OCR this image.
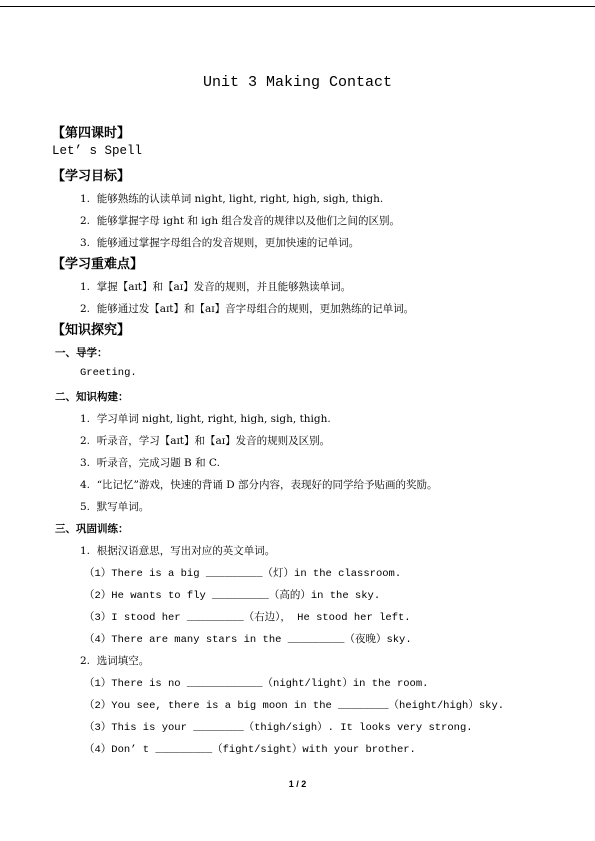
Unit 3 Making Contact
【第四课时】
Let’ s Spell
【学习目标】
1.  能够熟练的认读单词 night, light, right, high, sigh, thigh.
2.  能够掌握字母 ight 和 igh 组合发音的规律以及他们之间的区别。
3.  能够通过掌握字母组合的发音规则，更加快速的记单词。
【学习重难点】
1.  掌握【aɪt】和【aɪ】发音的规则，并且能够熟读单词。
2.  能够通过发【aɪt】和【aɪ】音字母组合的规则，更加熟练的记单词。
【知识探究】
一、导学：
Greeting.
二、知识构建：
1.  学习单词 night, light, right, high, sigh, thigh.
2.  听录音，学习【aɪt】和【aɪ】发音的规则及区别。
3.  听录音，完成习题 B 和 C.
4.  “比记忆”游戏，快速的背诵 D 部分内容，表现好的同学给予贴画的奖励。
5.  默写单词。
三、巩固训练：
1.  根据汉语意思，写出对应的英文单词。
（1）There is a big _________（灯）in the classroom.
（2）He wants to fly _________（高的）in the sky.
（3）I stood her _________（右边）， He stood her left.
（4）There are many stars in the _________（夜晚）sky.
2.  选词填空。
（1）There is no ____________（night/light）in the room.
（2）You see, there is a big moon in the ________（height/high）sky.
（3）This is your ________（thigh/sigh）. It looks very strong.
（4）Don’ t _________（fight/sight）with your brother.
1 / 2
